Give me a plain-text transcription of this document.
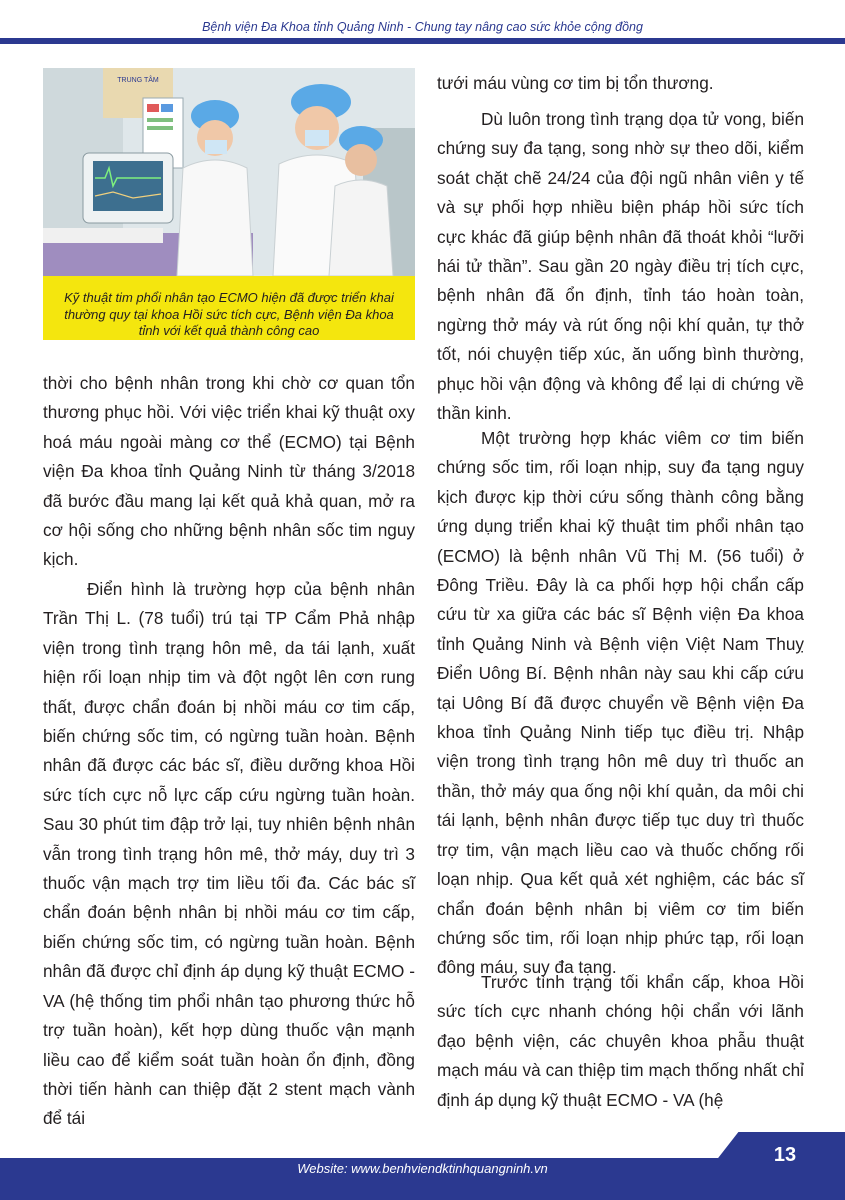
Bệnh viện Đa Khoa tỉnh Quảng Ninh - Chung tay nâng cao sức khỏe cộng đồng
TRUNG TÂM
Kỹ thuật tim phổi nhân tạo ECMO hiện đã được triển khai thường quy tại khoa Hồi sức tích cực, Bệnh viện Đa khoa tỉnh với kết quả thành công cao

thời cho bệnh nhân trong khi chờ cơ quan tổn thương phục hồi. Với việc triển khai kỹ thuật oxy hoá máu ngoài màng cơ thể (ECMO) tại Bệnh viện Đa khoa tỉnh Quảng Ninh từ tháng 3/2018 đã bước đầu mang lại kết quả khả quan, mở ra cơ hội sống cho những bệnh nhân sốc tim nguy kịch.

Điển hình là trường hợp của bệnh nhân Trần Thị L. (78 tuổi) trú tại TP Cẩm Phả nhập viện trong tình trạng hôn mê, da tái lạnh, xuất hiện rối loạn nhịp tim và đột ngột lên cơn rung thất, được chẩn đoán bị nhồi máu cơ tim cấp, biến chứng sốc tim, có ngừng tuần hoàn. Bệnh nhân đã được các bác sĩ, điều dưỡng khoa Hồi sức tích cực nỗ lực cấp cứu ngừng tuần hoàn. Sau 30 phút tim đập trở lại, tuy nhiên bệnh nhân vẫn trong tình trạng hôn mê, thở máy, duy trì 3 thuốc vận mạch trợ tim liều tối đa. Các bác sĩ chẩn đoán bệnh nhân bị nhồi máu cơ tim cấp, biến chứng sốc tim, có ngừng tuần hoàn. Bệnh nhân đã được chỉ định áp dụng kỹ thuật ECMO - VA (hệ thống tim phổi nhân tạo phương thức hỗ trợ tuần hoàn), kết hợp dùng thuốc vận mạnh liều cao để kiểm soát tuần hoàn ổn định, đồng thời tiến hành can thiệp đặt 2 stent mạch vành để tái

tưới máu vùng cơ tim bị tổn thương.

Dù luôn trong tình trạng dọa tử vong, biến chứng suy đa tạng, song nhờ sự theo dõi, kiểm soát chặt chẽ 24/24 của đội ngũ nhân viên y tế và sự phối hợp nhiều biện pháp hồi sức tích cực khác đã giúp bệnh nhân đã thoát khỏi “lưỡi hái tử thần”. Sau gần 20 ngày điều trị tích cực, bệnh nhân đã ổn định, tỉnh táo hoàn toàn, ngừng thở máy và rút ống nội khí quản, tự thở tốt, nói chuyện tiếp xúc, ăn uống bình thường, phục hồi vận động và không để lại di chứng về thần kinh.

Một trường hợp khác viêm cơ tim biến chứng sốc tim, rối loạn nhịp, suy đa tạng nguy kịch được kịp thời cứu sống thành công bằng ứng dụng triển khai kỹ thuật tim phổi nhân tạo (ECMO) là bệnh nhân Vũ Thị M. (56 tuổi) ở Đông Triều. Đây là ca phối hợp hội chẩn cấp cứu từ xa giữa các bác sĩ Bệnh viện Đa khoa tỉnh Quảng Ninh và Bệnh viện Việt Nam Thuỵ Điển Uông Bí. Bệnh nhân này sau khi cấp cứu tại Uông Bí đã được chuyển về Bệnh viện Đa khoa tỉnh Quảng Ninh tiếp tục điều trị. Nhập viện trong tình trạng hôn mê duy trì thuốc an thần, thở máy qua ống nội khí quản, da môi chi tái lạnh, bệnh nhân được tiếp tục duy trì thuốc trợ tim, vận mạch liều cao và thuốc chống rối loạn nhịp. Qua kết quả xét nghiệm, các bác sĩ chẩn đoán bệnh nhân bị viêm cơ tim biến chứng sốc tim, rối loạn nhịp phức tạp, rối loạn đông máu, suy đa tạng.

Trước tình trạng tối khẩn cấp, khoa Hồi sức tích cực nhanh chóng hội chẩn với lãnh đạo bệnh viện, các chuyên khoa phẫu thuật mạch máu và can thiệp tim mạch thống nhất chỉ định áp dụng kỹ thuật ECMO - VA (hệ

Website: www.benhviendktinhquangninh.vn
13
